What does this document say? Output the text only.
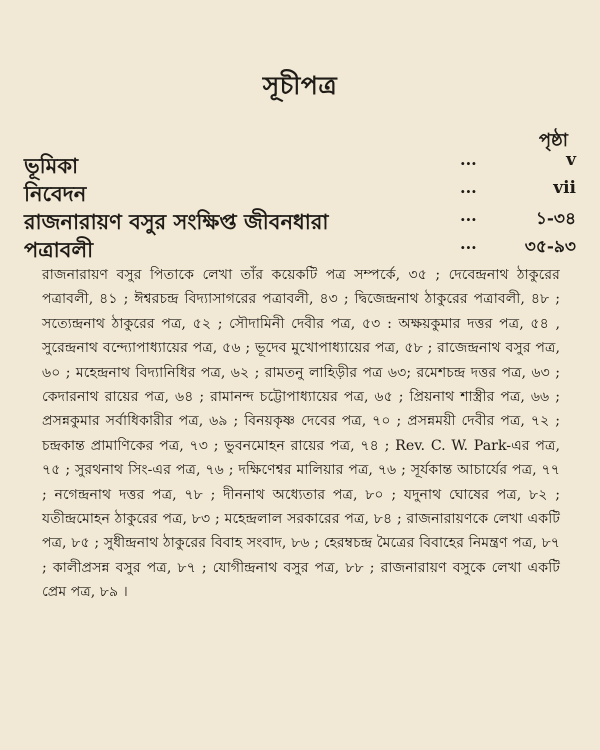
সূচীপত্র
পৃষ্ঠা
ভূমিকা	...	v
নিবেদন	...	vii
রাজনারায়ণ বসুর সংক্ষিপ্ত জীবনধারা	...	১-৩৪
পত্রাবলী	...	৩৫-৯৩
রাজনারায়ণ বসুর পিতাকে লেখা তাঁর কয়েকটি পত্র সম্পর্কে, ৩৫ ; দেবেন্দ্রনাথ ঠাকুরের পত্রাবলী, ৪১ ; ঈশ্বরচন্দ্র বিদ্যাসাগরের পত্রাবলী, ৪৩ ; দ্বিজেন্দ্রনাথ ঠাকুরের পত্রাবলী, ৪৮ ; সত্যেন্দ্রনাথ ঠাকুরের পত্র, ৫২ ; সৌদামিনী দেবীর পত্র, ৫৩ : অক্ষয়কুমার দত্তর পত্র, ৫৪ , সুরেন্দ্রনাথ বন্দ্যোপাধ্যায়ের পত্র, ৫৬ ; ভূদেব মুখোপাধ্যায়ের পত্র, ৫৮ ; রাজেন্দ্রনাথ বসুর পত্র, ৬০ ; মহেন্দ্রনাথ বিদ্যানিধির পত্র, ৬২ ; রামতনু লাহিড়ীর পত্র ৬৩; রমেশচন্দ্র দত্তর পত্র, ৬৩ ; কেদারনাথ রায়ের পত্র, ৬৪ ; রামানন্দ চট্টোপাধ্যায়ের পত্র, ৬৫ ; প্রিয়নাথ শাস্ত্রীর পত্র, ৬৬ ; প্রসন্নকুমার সর্বাধিকারীর পত্র, ৬৯ ; বিনয়কৃষ্ণ দেবের পত্র, ৭০ ; প্রসন্নময়ী দেবীর পত্র, ৭২ ; চন্দ্রকান্ত প্রামাণিকের পত্র, ৭৩ ; ভুবনমোহন রায়ের পত্র, ৭৪ ; Rev. C. W. Park-এর পত্র, ৭৫ ; সুরথনাথ সিং-এর পত্র, ৭৬ ; দক্ষিণেশ্বর মালিয়ার পত্র, ৭৬ ; সূর্যকান্ত আচার্যের পত্র, ৭৭ ; নগেন্দ্রনাথ দত্তর পত্র, ৭৮ ; দীননাথ অধ্যেতার পত্র, ৮০ ; যদুনাথ ঘোষের পত্র, ৮২ ; যতীন্দ্রমোহন ঠাকুরের পত্র, ৮৩ ; মহেন্দ্রলাল সরকারের পত্র, ৮৪ ; রাজনারায়ণকে লেখা একটি পত্র, ৮৫ ; সুধীন্দ্রনাথ ঠাকুরের বিবাহ সংবাদ, ৮৬ ; হেরম্বচন্দ্র মৈত্রের বিবাহের নিমন্ত্রণ পত্র, ৮৭ ; কালীপ্রসন্ন বসুর পত্র, ৮৭ ; যোগীন্দ্রনাথ বসুর পত্র, ৮৮ ; রাজনারায়ণ বসুকে লেখা একটি প্রেম পত্র, ৮৯ ।
